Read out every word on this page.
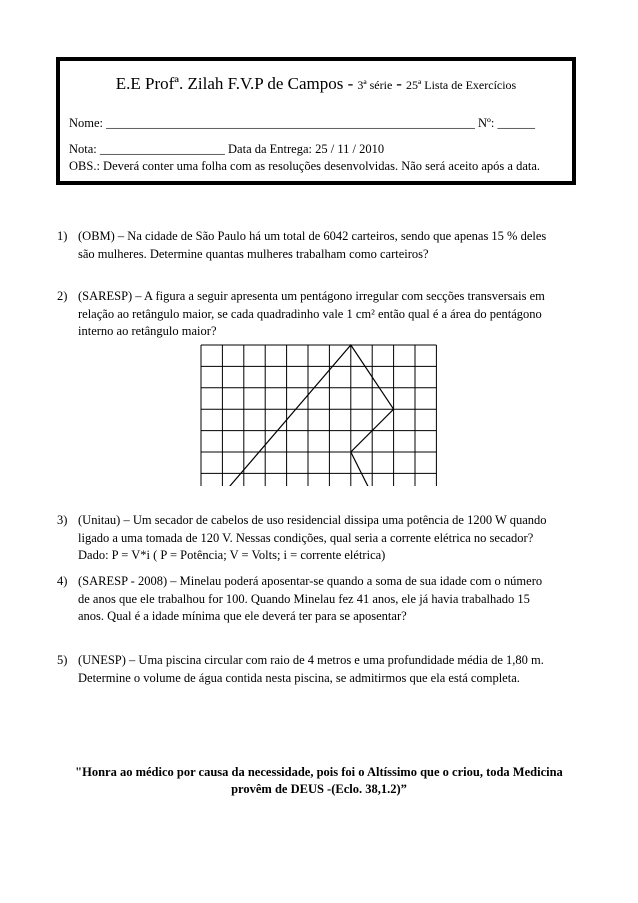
E.E Profª. Zilah F.V.P de Campos - 3ª série - 25ª Lista de Exercícios
Nome: ___________________________________________________________ Nº: ______
Nota: ____________________ Data da Entrega: 25 / 11 / 2010
OBS.: Deverá conter uma folha com as resoluções desenvolvidas. Não será aceito após a data.
1) (OBM) – Na cidade de São Paulo há um total de 6042 carteiros, sendo que apenas 15 % deles
são mulheres. Determine quantas mulheres trabalham como carteiros?
2) (SARESP) – A figura a seguir apresenta um pentágono irregular com secções transversais em
relação ao retângulo maior, se cada quadradinho vale 1 cm² então qual é a área do pentágono
interno ao retângulo maior?
3) (Unitau) – Um secador de cabelos de uso residencial dissipa uma potência de 1200 W quando
ligado a uma tomada de 120 V. Nessas condições, qual seria a corrente elétrica no secador?
Dado: P = V*i ( P = Potência; V = Volts; i = corrente elétrica)
4) (SARESP - 2008) – Minelau poderá aposentar-se quando a soma de sua idade com o número
de anos que ele trabalhou for 100. Quando Minelau fez 41 anos, ele já havia trabalhado 15
anos. Qual é a idade mínima que ele deverá ter para se aposentar?
5) (UNESP) – Uma piscina circular com raio de 4 metros e uma profundidade média de 1,80 m.
Determine o volume de água contida nesta piscina, se admitirmos que ela está completa.
"Honra ao médico por causa da necessidade, pois foi o Altíssimo que o criou, toda Medicina
provêm de DEUS -(Eclo. 38,1.2)”
